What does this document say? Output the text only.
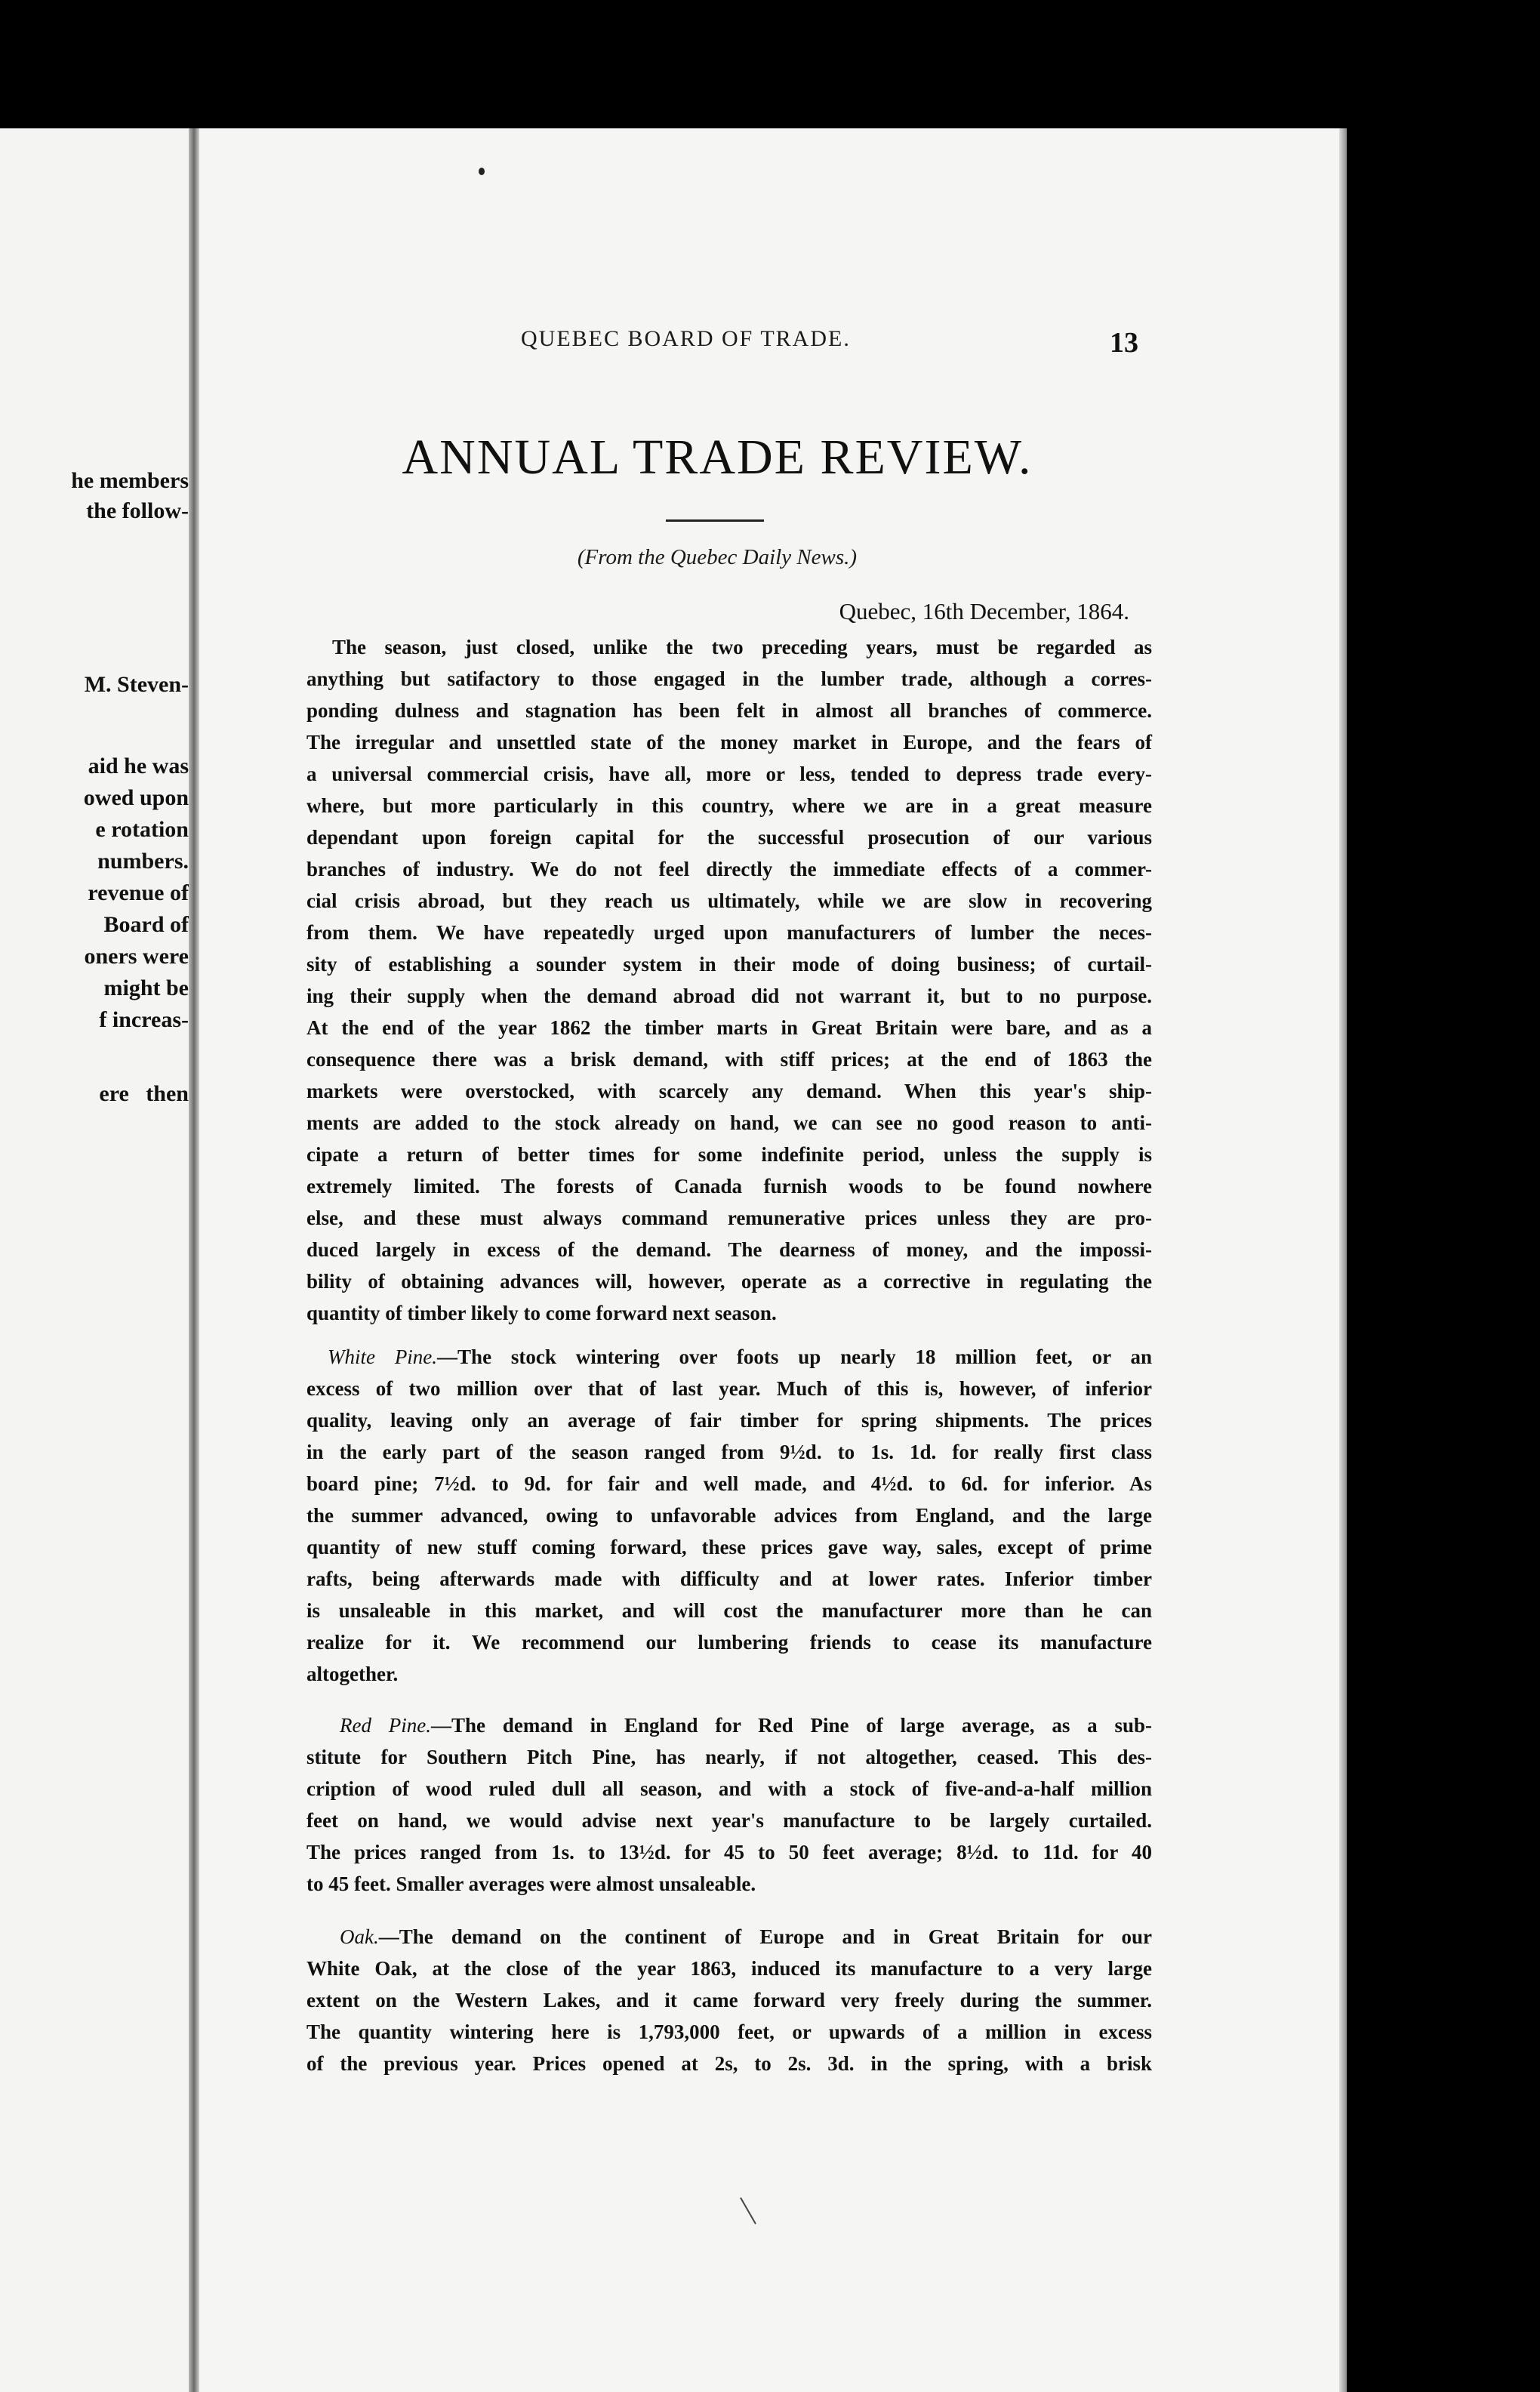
he members
the follow-
M. Steven-
aid he was
owed upon
e rotation
numbers.
revenue of
Board of
oners were
might be
f increas-
ere   then
QUEBEC BOARD OF TRADE.	13
ANNUAL TRADE REVIEW.
(From the Quebec Daily News.)
Quebec, 16th December, 1864.
The season, just closed, unlike the two preceding years, must be regarded as
anything but satifactory to those engaged in the lumber trade, although a corres-
ponding dulness and stagnation has been felt in almost all branches of commerce.
The irregular and unsettled state of the money market in Europe, and the fears of
a universal commercial crisis, have all, more or less, tended to depress trade every-
where, but more particularly in this country, where we are in a great measure
dependant upon foreign capital for the successful prosecution of our various
branches of industry. We do not feel directly the immediate effects of a commer-
cial crisis abroad, but they reach us ultimately, while we are slow in recovering
from them. We have repeatedly urged upon manufacturers of lumber the neces-
sity of establishing a sounder system in their mode of doing business; of curtail-
ing their supply when the demand abroad did not warrant it, but to no purpose.
At the end of the year 1862 the timber marts in Great Britain were bare, and as a
consequence there was a brisk demand, with stiff prices; at the end of 1863 the
markets were overstocked, with scarcely any demand. When this year's ship-
ments are added to the stock already on hand, we can see no good reason to anti-
cipate a return of better times for some indefinite period, unless the supply is
extremely limited. The forests of Canada furnish woods to be found nowhere
else, and these must always command remunerative prices unless they are pro-
duced largely in excess of the demand. The dearness of money, and the impossi-
bility of obtaining advances will, however, operate as a corrective in regulating the
quantity of timber likely to come forward next season.
White Pine.—The stock wintering over foots up nearly 18 million feet, or an
excess of two million over that of last year. Much of this is, however, of inferior
quality, leaving only an average of fair timber for spring shipments. The prices
in the early part of the season ranged from 9½d. to 1s. 1d. for really first class
board pine; 7½d. to 9d. for fair and well made, and 4½d. to 6d. for inferior. As
the summer advanced, owing to unfavorable advices from England, and the large
quantity of new stuff coming forward, these prices gave way, sales, except of prime
rafts, being afterwards made with difficulty and at lower rates. Inferior timber
is unsaleable in this market, and will cost the manufacturer more than he can
realize for it. We recommend our lumbering friends to cease its manufacture
altogether.
Red Pine.—The demand in England for Red Pine of large average, as a sub-
stitute for Southern Pitch Pine, has nearly, if not altogether, ceased. This des-
cription of wood ruled dull all season, and with a stock of five-and-a-half million
feet on hand, we would advise next year's manufacture to be largely curtailed.
The prices ranged from 1s. to 13½d. for 45 to 50 feet average; 8½d. to 11d. for 40
to 45 feet. Smaller averages were almost unsaleable.
Oak.—The demand on the continent of Europe and in Great Britain for our
White Oak, at the close of the year 1863, induced its manufacture to a very large
extent on the Western Lakes, and it came forward very freely during the summer.
The quantity wintering here is 1,793,000 feet, or upwards of a million in excess
of the previous year. Prices opened at 2s, to 2s. 3d. in the spring, with a brisk
